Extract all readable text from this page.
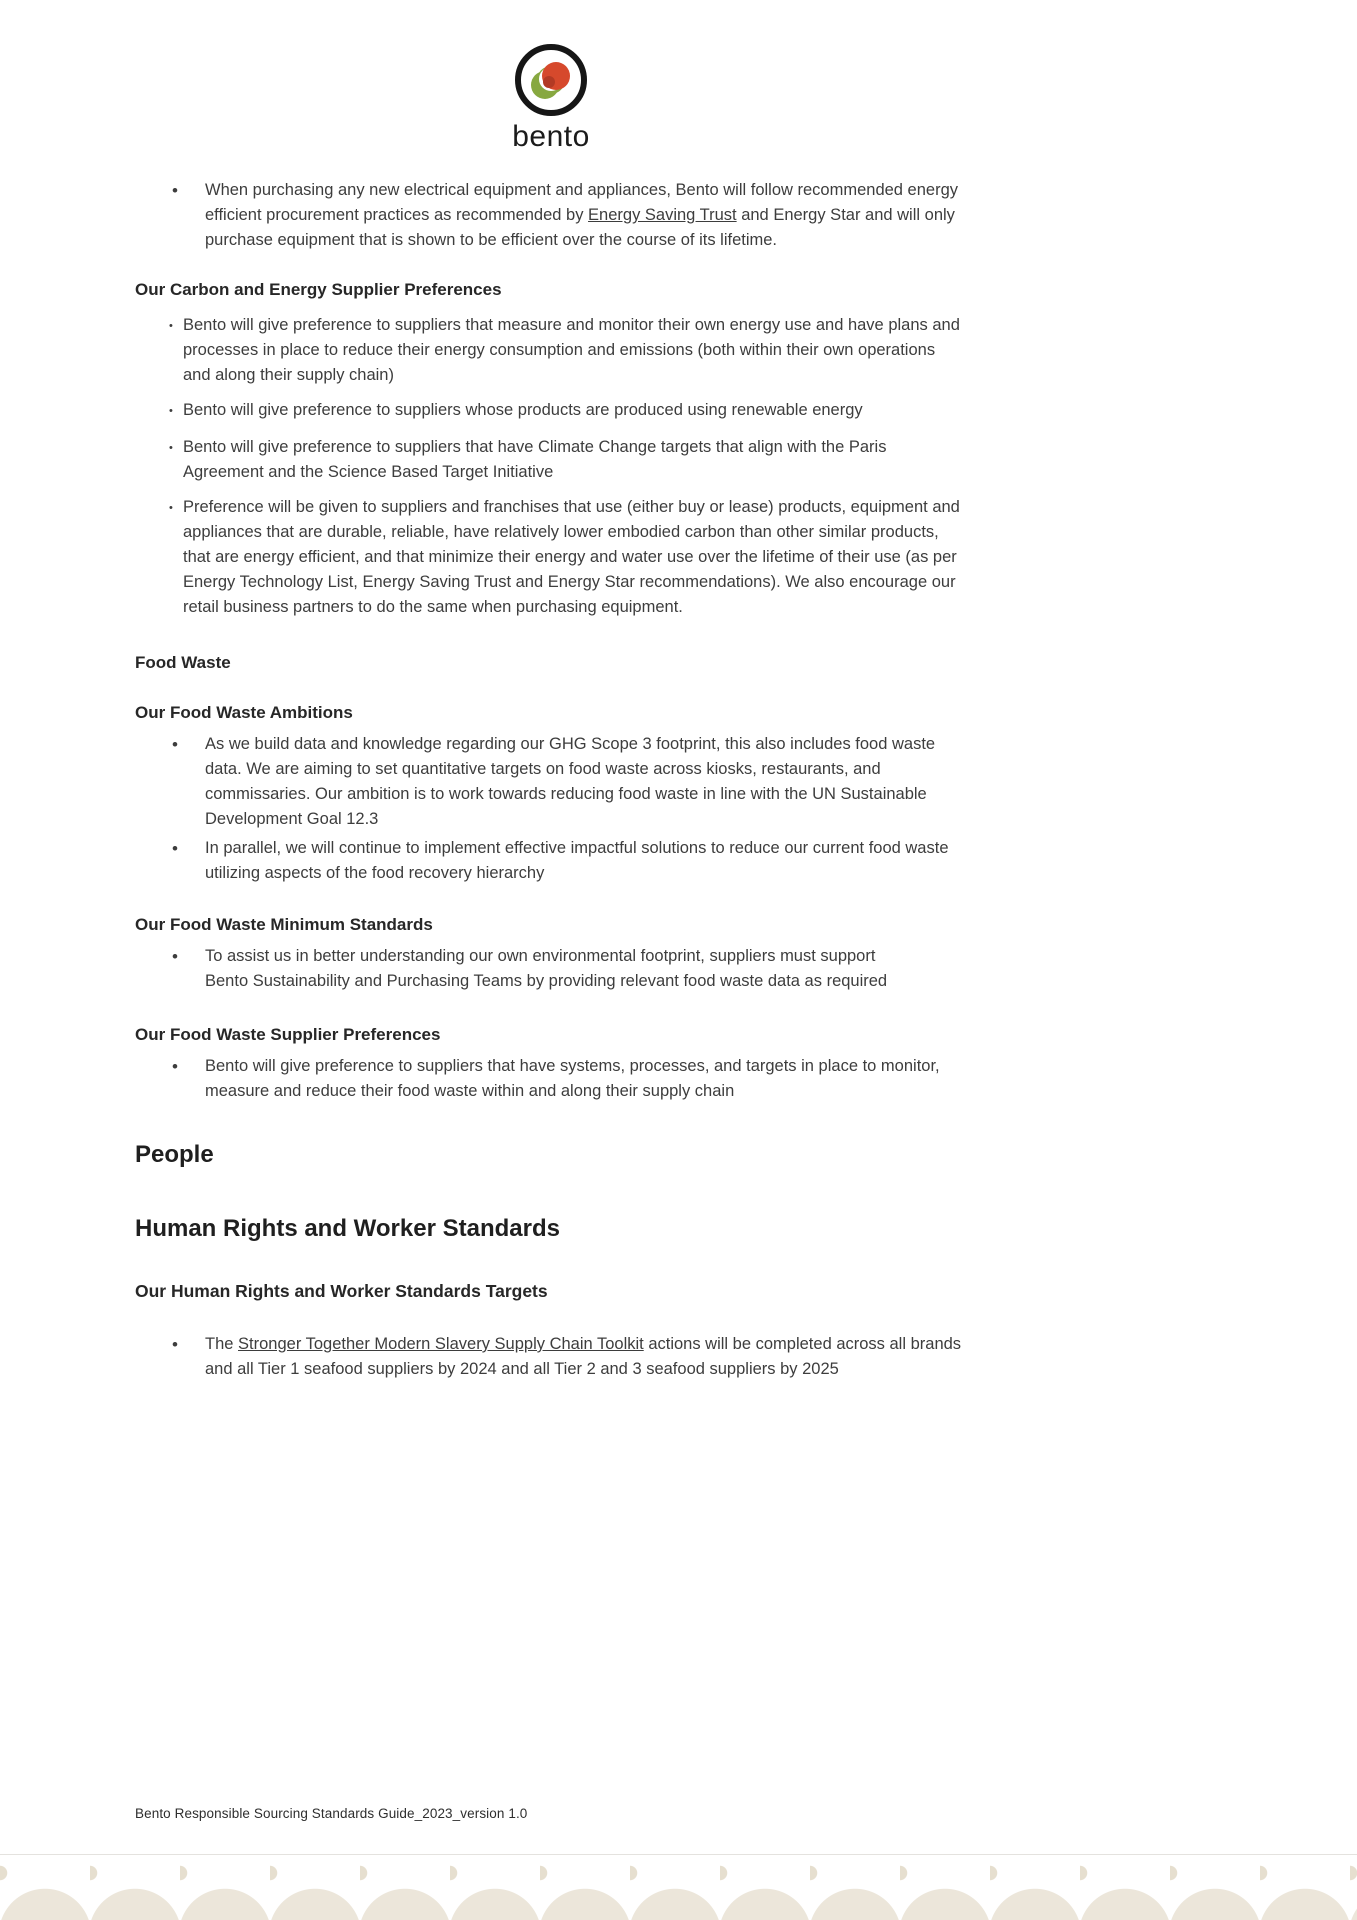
bento
•
When purchasing any new electrical equipment and appliances, Bento will follow recommended energy efficient procurement practices as recommended by Energy Saving Trust and Energy Star and will only purchase equipment that is shown to be efficient over the course of its lifetime.
Our Carbon and Energy Supplier Preferences
•
Bento will give preference to suppliers that measure and monitor their own energy use and have plans and processes in place to reduce their energy consumption and emissions (both within their own operations and along their supply chain)
•
Bento will give preference to suppliers whose products are produced using renewable energy
•
Bento will give preference to suppliers that have Climate Change targets that align with the Paris Agreement and the Science Based Target Initiative
•
Preference will be given to suppliers and franchises that use (either buy or lease) products, equipment and appliances that are durable, reliable, have relatively lower embodied carbon than other similar products, that are energy efficient, and that minimize their energy and water use over the lifetime of their use (as per Energy Technology List, Energy Saving Trust and Energy Star recommendations). We also encourage our retail business partners to do the same when purchasing equipment.
Food Waste
Our Food Waste Ambitions
•
As we build data and knowledge regarding our GHG Scope 3 footprint, this also includes food waste data. We are aiming to set quantitative targets on food waste across kiosks, restaurants, and commissaries. Our ambition is to work towards reducing food waste in line with the UN Sustainable Development Goal 12.3
•
In parallel, we will continue to implement effective impactful solutions to reduce our current food waste utilizing aspects of the food recovery hierarchy
Our Food Waste Minimum Standards
•
To assist us in better understanding our own environmental footprint, suppliers must support Bento Sustainability and Purchasing Teams by providing relevant food waste data as required
Our Food Waste Supplier Preferences
•
Bento will give preference to suppliers that have systems, processes, and targets in place to monitor, measure and reduce their food waste within and along their supply chain
People
Human Rights and Worker Standards
Our Human Rights and Worker Standards Targets
•
The Stronger Together Modern Slavery Supply Chain Toolkit actions will be completed across all brands and all Tier 1 seafood suppliers by 2024 and all Tier 2 and 3 seafood suppliers by 2025
Bento Responsible Sourcing Standards Guide_2023_version 1.0
